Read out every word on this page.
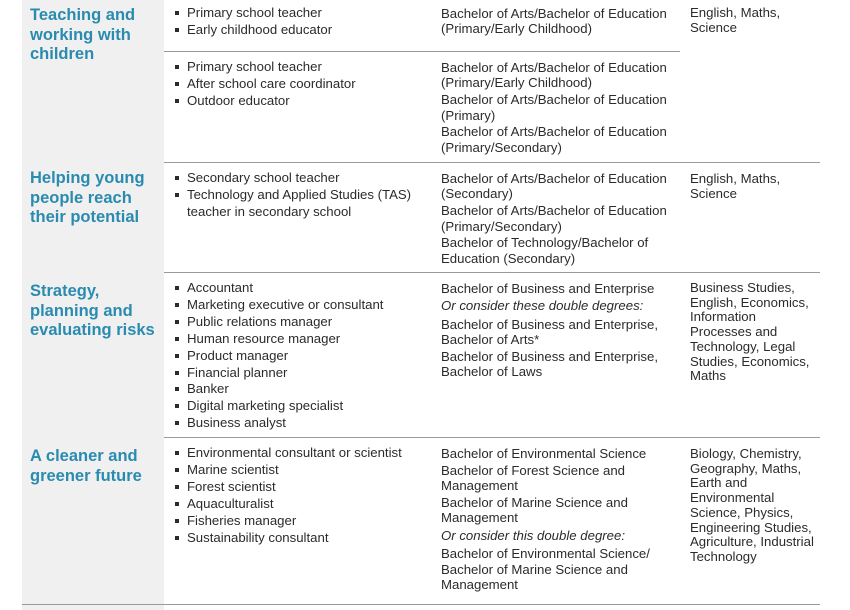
Teaching and working with children
Primary school teacher
Early childhood educator
Bachelor of Arts/Bachelor of Education (Primary/Early Childhood)
English, Maths, Science
Primary school teacher
After school care coordinator
Outdoor educator
Bachelor of Arts/Bachelor of Education (Primary/Early Childhood)
Bachelor of Arts/Bachelor of Education (Primary)
Bachelor of Arts/Bachelor of Education (Primary/Secondary)
Helping young people reach their potential
Secondary school teacher
Technology and Applied Studies (TAS) teacher in secondary school
Bachelor of Arts/Bachelor of Education (Secondary)
Bachelor of Arts/Bachelor of Education (Primary/Secondary)
Bachelor of Technology/Bachelor of Education (Secondary)
English, Maths, Science
Strategy, planning and evaluating risks
Accountant
Marketing executive or consultant
Public relations manager
Human resource manager
Product manager
Financial planner
Banker
Digital marketing specialist
Business analyst
Bachelor of Business and Enterprise
Or consider these double degrees:
Bachelor of Business and Enterprise, Bachelor of Arts*
Bachelor of Business and Enterprise, Bachelor of Laws
Business Studies, English, Economics, Information Processes and Technology, Legal Studies, Economics, Maths
A cleaner and greener future
Environmental consultant or scientist
Marine scientist
Forest scientist
Aquaculturalist
Fisheries manager
Sustainability consultant
Bachelor of Environmental Science
Bachelor of Forest Science and Management
Bachelor of Marine Science and Management
Or consider this double degree:
Bachelor of Environmental Science/ Bachelor of Marine Science and Management
Biology, Chemistry, Geography, Maths, Earth and Environmental Science, Physics, Engineering Studies, Agriculture, Industrial Technology
